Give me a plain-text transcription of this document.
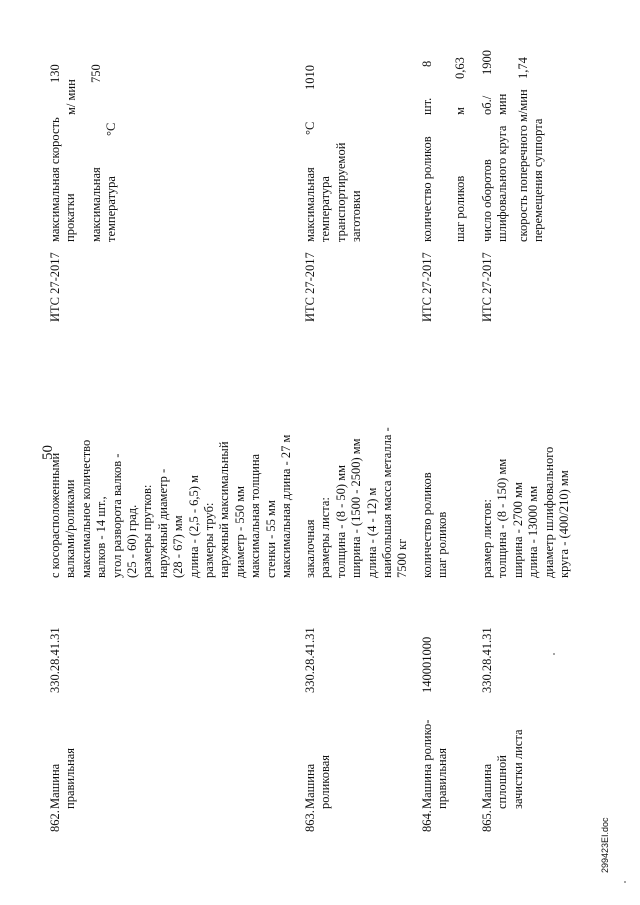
50
862.
Машина правильная
330.28.41.31
с косорасположенными валками/роликами максимальное количество валков - 14 шт., угол разворота валков - (25 - 60) град. размеры прутков: наружный диаметр - (28 - 67) мм длина - (2,5 - 6,5) м размеры труб: наружный максимальный диаметр - 550 мм максимальная толщина стенки - 55 мм максимальная длина - 27 м
ИТС 27-2017
максимальная скорость прокатки
м/ мин
130
максимальная температура
°C
750
863.
Машина роликовая
330.28.41.31
закалочная размеры листа: толщина - (8 - 50) мм ширина - (1500 - 2500) мм длина - (4 - 12) м наибольшая масса металла - 7500 кг
ИТС 27-2017
максимальная температура транспортируемой заготовки
°C
1010
864.
Машина ролико- правильная
140001000
количество роликов шаг роликов
ИТС 27-2017
количество роликов
шт.
8
шаг роликов
м
0,63
865.
Машина сплошной зачистки листа
330.28.41.31
размер листов: толщина - (8 - 150) мм ширина - 2700 мм длина - 13000 мм диаметр шлифовального круга - (400/210) мм
ИТС 27-2017
число оборотов шлифовального круга
об./ мин
1900
скорость поперечного перемещения суппорта
м/мин
1,74
299423EI.doc
